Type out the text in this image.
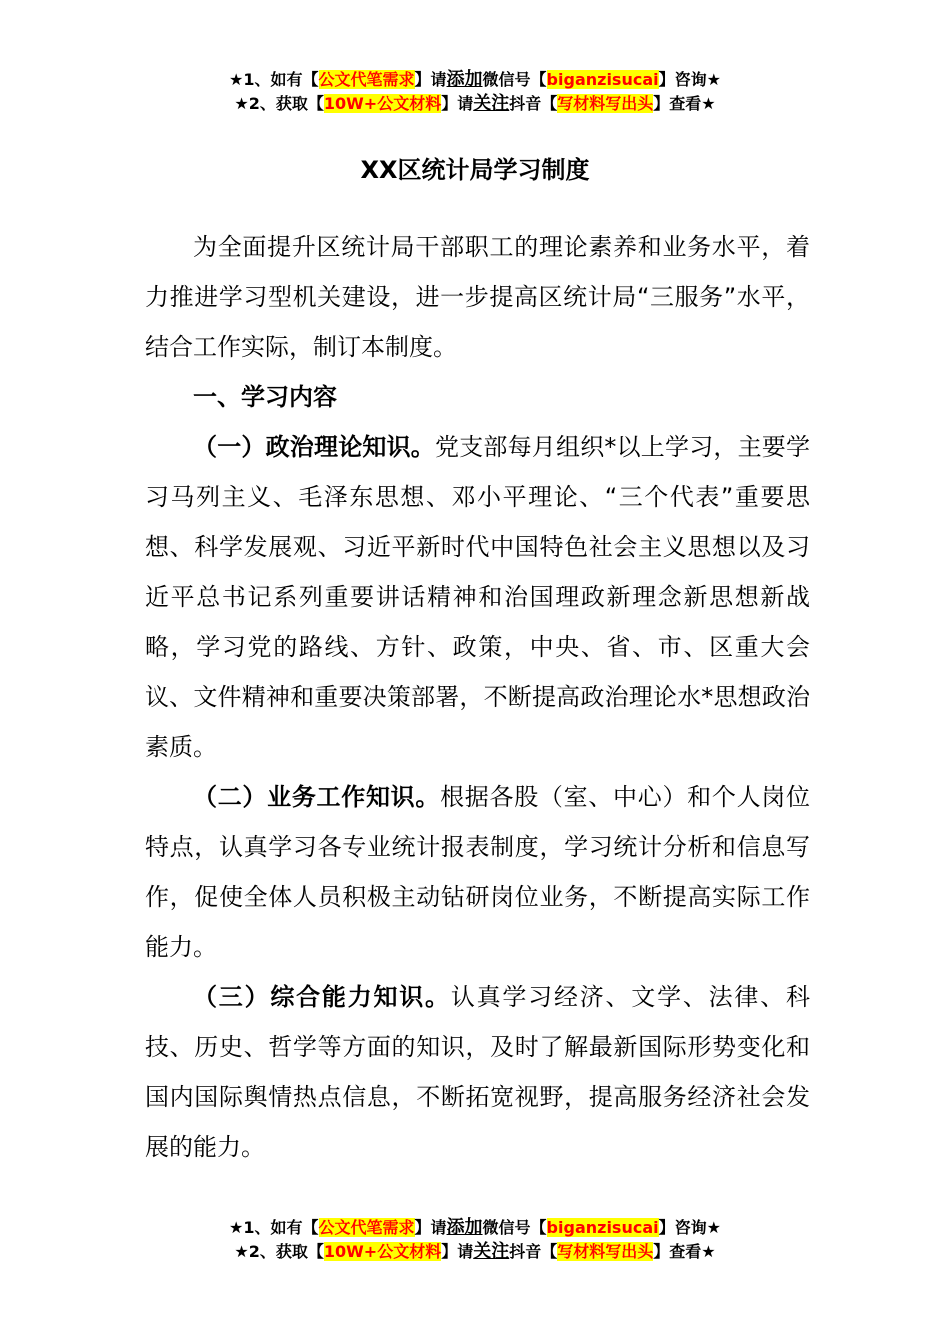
★1、如有【公文代笔需求】请添加微信号【biganzisucai】咨询★
★2、获取【10W+公文材料】请关注抖音【写材料写出头】查看★
XX区统计局学习制度

为全面提升区统计局干部职工的理论素养和业务水平，着力推进学习型机关建设，进一步提高区统计局“三服务”水平，结合工作实际，制订本制度。

一、学习内容

（一）政治理论知识。党支部每月组织*以上学习，主要学习马列主义、毛泽东思想、邓小平理论、“三个代表”重要思想、科学发展观、习近平新时代中国特色社会主义思想以及习近平总书记系列重要讲话精神和治国理政新理念新思想新战略，学习党的路线、方针、政策，中央、省、市、区重大会议、文件精神和重要决策部署，不断提高政治理论水*思想政治素质。

（二）业务工作知识。根据各股（室、中心）和个人岗位特点，认真学习各专业统计报表制度，学习统计分析和信息写作，促使全体人员积极主动钻研岗位业务，不断提高实际工作能力。

（三）综合能力知识。认真学习经济、文学、法律、科技、历史、哲学等方面的知识，及时了解最新国际形势变化和国内国际舆情热点信息，不断拓宽视野，提高服务经济社会发展的能力。

★1、如有【公文代笔需求】请添加微信号【biganzisucai】咨询★
★2、获取【10W+公文材料】请关注抖音【写材料写出头】查看★
